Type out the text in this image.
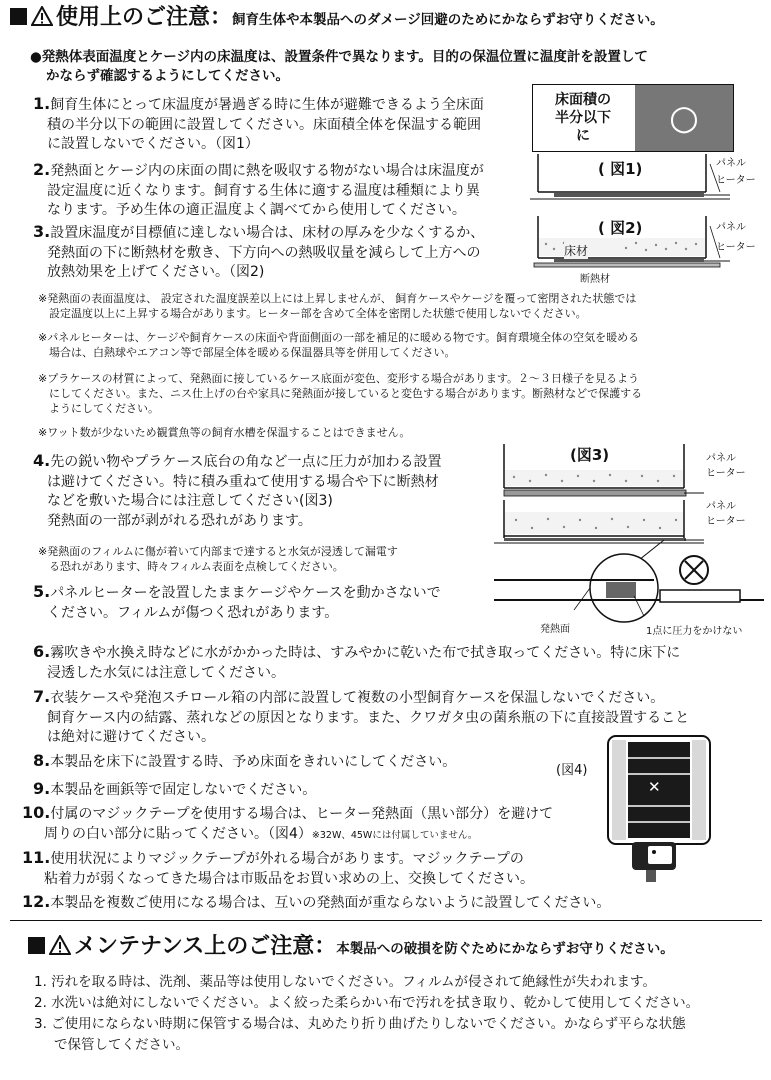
使用上のご注意：飼育生体や本製品へのダメージ回避のためにかならずお守りください。
●発熱体表面温度とケージ内の床温度は、設置条件で異なります。目的の保温位置に温度計を設置して
かならず確認するようにしてください。
1.飼育生体にとって床温度が暑過ぎる時に生体が避難できるよう全床面
積の半分以下の範囲に設置してください。床面積全体を保温する範囲
に設置しないでください。（図1）
2.発熱面とケージ内の床面の間に熱を吸収する物がない場合は床温度が
設定温度に近くなります。飼育する生体に適する温度は種類により異
なります。予め生体の適正温度よく調べてから使用してください。
3.設置床温度が目標値に達しない場合は、床材の厚みを少なくするか、
発熱面の下に断熱材を敷き、下方向への熱吸収量を減らして上方への
放熱効果を上げてください。（図2)
床面積の
半分以下
に ○
( 図1)	パネル
ヒーター
( 図2)
床材
断熱材
パネル
ヒーター
※発熱面の表面温度は、 設定された温度誤差以上には上昇しませんが、 飼育ケースやケージを覆って密閉された状態では
設定温度以上に上昇する場合があります。ヒーター部を含めて全体を密閉した状態で使用しないでください。
※パネルヒーターは、ケージや飼育ケースの床面や背面側面の一部を補足的に暖める物です。飼育環境全体の空気を暖める
場合は、白熱球やエアコン等で部屋全体を暖める保温器具等を併用してください。
※プラケースの材質によって、発熱面に接しているケース底面が変色、変形する場合があります。２～３日様子を見るよう
にしてください。また、ニス仕上げの台や家具に発熱面が接していると変色する場合があります。断熱材などで保護する
ようにしてください。
※ワット数が少ないため観賞魚等の飼育水槽を保温することはできません。
4.先の鋭い物やプラケース底台の角など一点に圧力が加わる設置
は避けてください。特に積み重ねて使用する場合や下に断熱材
などを敷いた場合には注意してください(図3)
発熱面の一部が剥がれる恐れがあります。
※発熱面のフィルムに傷が着いて内部まで達すると水気が浸透して漏電す
る恐れがあります、時々フィルム表面を点検してください。
5.パネルヒーターを設置したままケージやケースを動かさないで
ください。フィルムが傷つく恐れがあります。
(図3)	パネル
ヒーター
パネル
ヒーター
発熱面	1点に圧力をかけない
6.霧吹きや水換え時などに水がかかった時は、すみやかに乾いた布で拭き取ってください。特に床下に
浸透した水気には注意してください。
7.衣装ケースや発泡スチロール箱の内部に設置して複数の小型飼育ケースを保温しないでください。
飼育ケース内の結露、蒸れなどの原因となります。また、クワガタ虫の菌糸瓶の下に直接設置すること
は絶対に避けてください。
8.本製品を床下に設置する時、予め床面をきれいにしてください。
9.本製品を画鋲等で固定しないでください。
10.付属のマジックテープを使用する場合は、ヒーター発熱面（黒い部分）を避けて
周りの白い部分に貼ってください。（図4）※32W、45Wには付属していません。
11.使用状況によりマジックテープが外れる場合があります。マジックテープの
粘着力が弱くなってきた場合は市販品をお買い求めの上、交換してください。
12.本製品を複数ご使用になる場合は、互いの発熱面が重ならないように設置してください。
(図4)
✕
メンテナンス上のご注意：本製品への破損を防ぐためにかならずお守りください。
1. 汚れを取る時は、洗剤、薬品等は使用しないでください。フィルムが侵されて絶縁性が失われます。
2. 水洗いは絶対にしないでください。よく絞った柔らかい布で汚れを拭き取り、乾かして使用してください。
3. ご使用にならない時期に保管する場合は、丸めたり折り曲げたりしないでください。かならず平らな状態
で保管してください。
